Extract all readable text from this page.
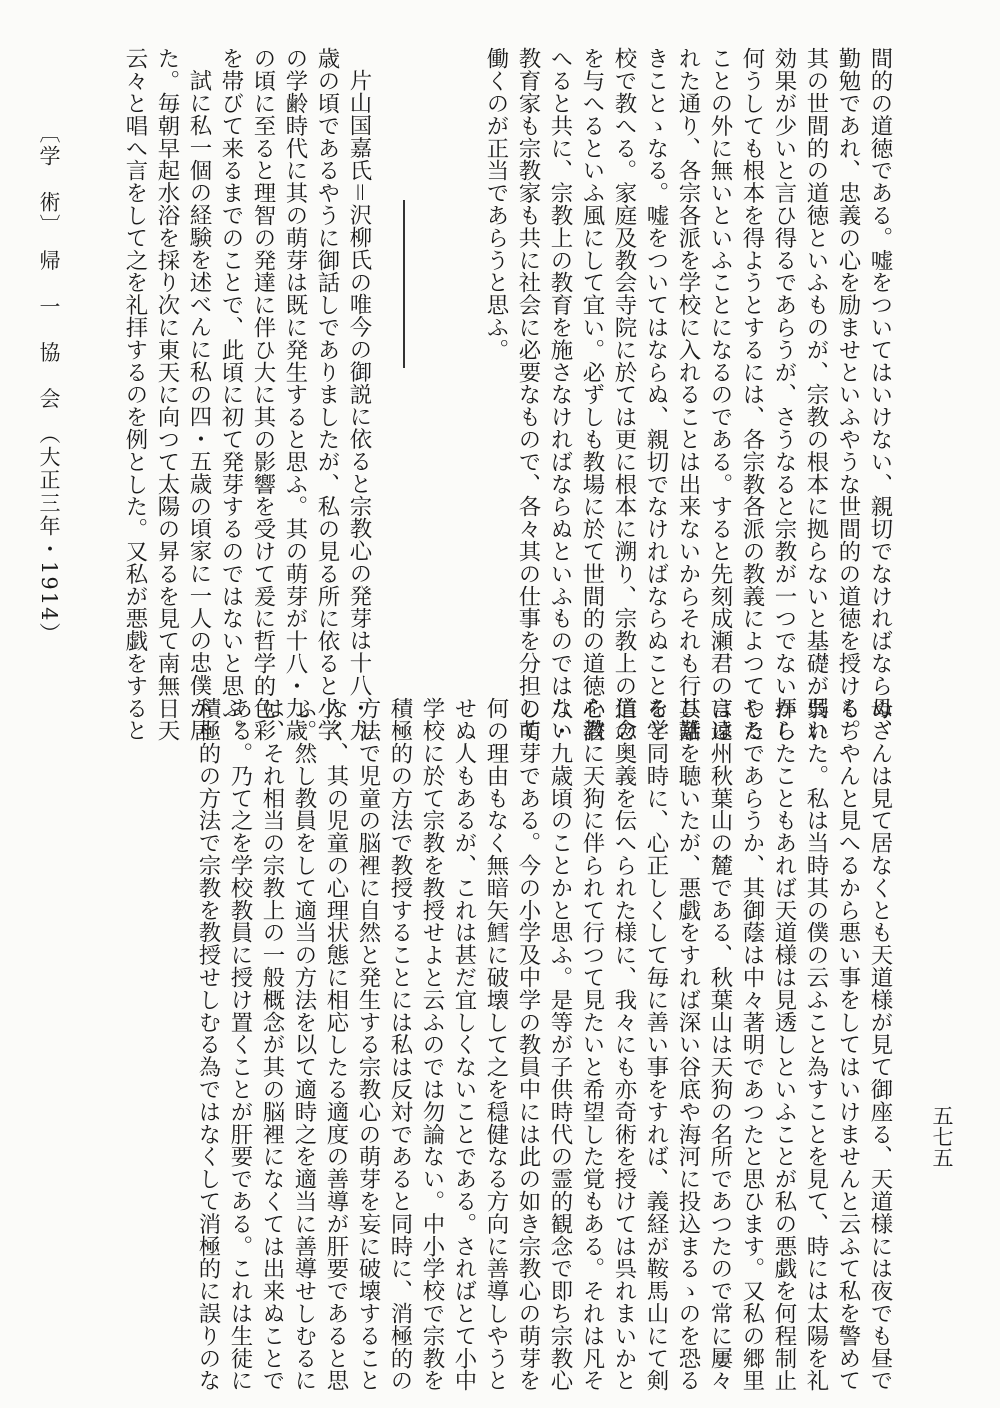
間的の道徳である。嘘をついてはいけない、親切でなければならぬ、
勤勉であれ、忠義の心を励ませといふやうな世間的の道徳を授ける。
其の世間的の道徳といふものが、宗教の根本に拠らないと基礎が弱い
効果が少いと言ひ得るであらうが、さうなると宗教が一つでないから
何うしても根本を得ようとするには、各宗教各派の教義によつてやる
ことの外に無いといふことになるのである。すると先刻成瀬君の言は
れた通り、各宗各派を学校に入れることは出来ないからそれも行ひ難
きことゝなる。嘘をついてはならぬ、親切でなければならぬことを学
校で教へる。家庭及教会寺院に於ては更に根本に溯り、宗教上の信念
を与へるといふ風にして宜い。必ずしも教場に於て世間的の道徳を教
へると共に、宗教上の教育を施さなければならぬといふものではない
教育家も宗教家も共に社会に必要なもので、各々其の仕事を分担して
働くのが正当であらうと思ふ。
片山国嘉氏＝沢柳氏の唯今の御説に依ると宗教心の発芽は十八・九
歳の頃であるやうに御話しでありましたが、私の見る所に依ると小学
の学齢時代に其の萌芽は既に発生すると思ふ。其の萌芽が十八・九歳
の頃に至ると理智の発達に伴ひ大に其の影響を受けて爰に哲学的色彩
を帯びて来るまでのことで、此頃に初て発芽するのではないと思ふ。
試に私一個の経験を述べんに私の四・五歳の頃家に一人の忠僕が居
た。毎朝早起水浴を採り次に東天に向つて太陽の昇るを見て南無日天
云々と唱へ言をして之を礼拝するのを例とした。又私が悪戯をすると
〔学　術〕　帰　一　協　会　（大正三年・1914）
母さんは見て居なくとも天道様が見て御座る、天道様には夜でも昼で
もちやんと見へるから悪い事をしてはいけませんと云ふて私を警めて
呉れた。私は当時其の僕の云ふこと為すことを見て、時には太陽を礼
拝したこともあれば天道様は見透しといふことが私の悪戯を何程制止
したであらうか、其御蔭は中々著明であつたと思ひます。又私の郷里
は遠州秋葉山の麓である、秋葉山は天狗の名所であつたので常に屢々
其話を聴いたが、悪戯をすれば深い谷底や海河に投込まるゝのを恐る
ると同時に、心正しくして毎に善い事をすれば、義経が鞍馬山にて剣
道の奥義を伝へられた様に、我々にも亦奇術を授けては呉れまいかと
心潜に天狗に伴られて行つて見たいと希望した覚もある。それは凡そ
八・九歳頃のことかと思ふ。是等が子供時代の霊的観念で即ち宗教心
の萌芽である。今の小学及中学の教員中には此の如き宗教心の萌芽を
何の理由もなく無暗矢鱈に破壊して之を穏健なる方向に善導しやうと
せぬ人もあるが、これは甚だ宜しくないことである。さればとて小中
学校に於て宗教を教授せよと云ふのでは勿論ない。中小学校で宗教を
積極的の方法で教授することには私は反対であると同時に、消極的の
方法で児童の脳裡に自然と発生する宗教心の萌芽を妄に破壊すること
なく、其の児童の心理状態に相応したる適度の善導が肝要であると思
ふ。然し教員をして適当の方法を以て適時之を適当に善導せしむるに
は、それ相当の宗教上の一般概念が其の脳裡になくては出来ぬことで
ある。乃て之を学校教員に授け置くことが肝要である。これは生徒に
積極的の方法で宗教を教授せしむる為ではなくして消極的に誤りのな	五七五
